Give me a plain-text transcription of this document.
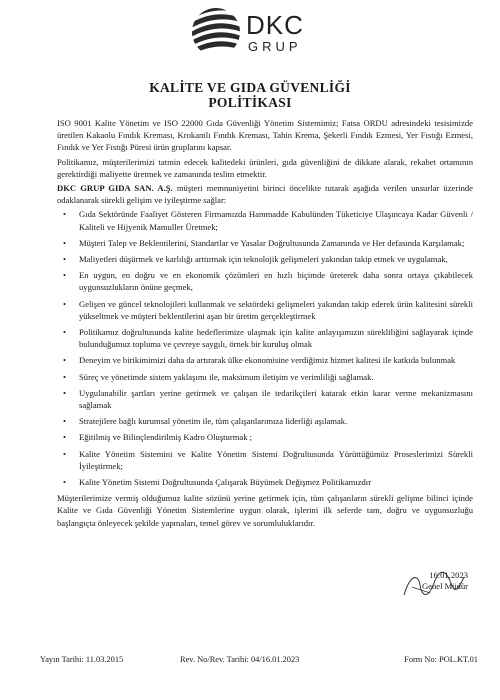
DKC
GRUP
KALİTE VE GIDA GÜVENLİĞİ
POLİTİKASI

ISO 9001 Kalite Yönetim ve ISO 22000 Gıda Güvenliği Yönetim Sistemimiz; Fatsa ORDU adresindeki tesisimizde üretilen Kakaolu Fındık Kreması, Krokantlı Fındık Kreması, Tahin Krema, Şekerli Fındık Ezmesi, Yer Fıstığı Ezmesi, Fındık ve Yer Fıstığı Püresi ürün gruplarını kapsar.

Politikamız, müşterilerimizi tatmin edecek kalitedeki ürünleri, gıda güvenliğini de dikkate alarak, rekabet ortamının gerektirdiği maliyette üretmek ve zamanında teslim etmektir.

DKC GRUP GIDA SAN. A.Ş. müşteri memnuniyetini birinci öncelikte tutarak aşağıda verilen unsurlar üzerinde odaklanarak sürekli gelişim ve iyileştirme sağlar:

• Gıda Sektöründe Faaliyet Gösteren Firmamızda Hammadde Kabulünden Tüketiciye Ulaşıncaya Kadar Güvenli / Kaliteli ve Hijyenik Mamuller Üretmek;
• Müşteri Talep ve Beklentilerini, Standartlar ve Yasalar Doğrultusunda Zamanında ve Her defasında Karşılamak;
• Maliyetleri düşürmek ve karlılığı arttırmak için teknolojik gelişmeleri yakından takip etmek ve uygulamak,
• En uygun, en doğru ve en ekonomik çözümleri en hızlı biçimde üreterek daha sonra ortaya çıkabilecek uygunsuzlukların önüne geçmek,
• Gelişen ve güncel teknolojileri kullanmak ve sektördeki gelişmeleri yakından takip ederek ürün kalitesini sürekli yükseltmek ve müşteri beklentilerini aşan bir üretim gerçekleştirmek
• Politikamız doğrultusunda kalite hedeflerimize ulaşmak için kalite anlayışımızın sürekliliğini sağlayarak içinde bulunduğumuz topluma ve çevreye saygılı, örnek bir kuruluş olmak
• Deneyim ve birikimimizi daha da artırarak ülke ekonomisine verdiğimiz hizmet kalitesi ile katkıda bulunmak
• Süreç ve yönetimde sistem yaklaşımı ile, maksimum iletişim ve verimliliği sağlamak.
• Uygulanabilir şartları yerine getirmek ve çalışan ile tedarikçileri katarak etkin karar verme mekanizmasını sağlamak
• Stratejilere bağlı kurumsal yönetim ile, tüm çalışanlarımıza liderliği aşılamak.
• Eğitilmiş ve Bilinçlendirilmiş Kadro Oluşturmak ;
• Kalite Yönetim Sistemini ve Kalite Yönetim Sistemi Doğrultusunda Yürüttüğümüz Proseslerimizi Sürekli İyileştirmek;
• Kalite Yönetim Sistemi Doğrultusunda Çalışarak Büyümek Değişmez Politikamızdır

Müşterilerimize vermiş olduğumuz kalite sözünü yerine getirmek için, tüm çalışanların sürekli gelişme bilinci içinde Kalite ve Gıda Güvenliği Yönetim Sistemlerine uygun olarak, işlerini ilk seferde tam, doğru ve uygunsuzluğu başlangıçta önleyecek şekilde yapmaları, temel görev ve sorumluluklarıdır.

16.01.2023
Genel Müdür
Yayın Tarihi: 11.03.2015	Rev. No/Rev. Tarihi: 04/16.01.2023	Form No: POL.KT.01
